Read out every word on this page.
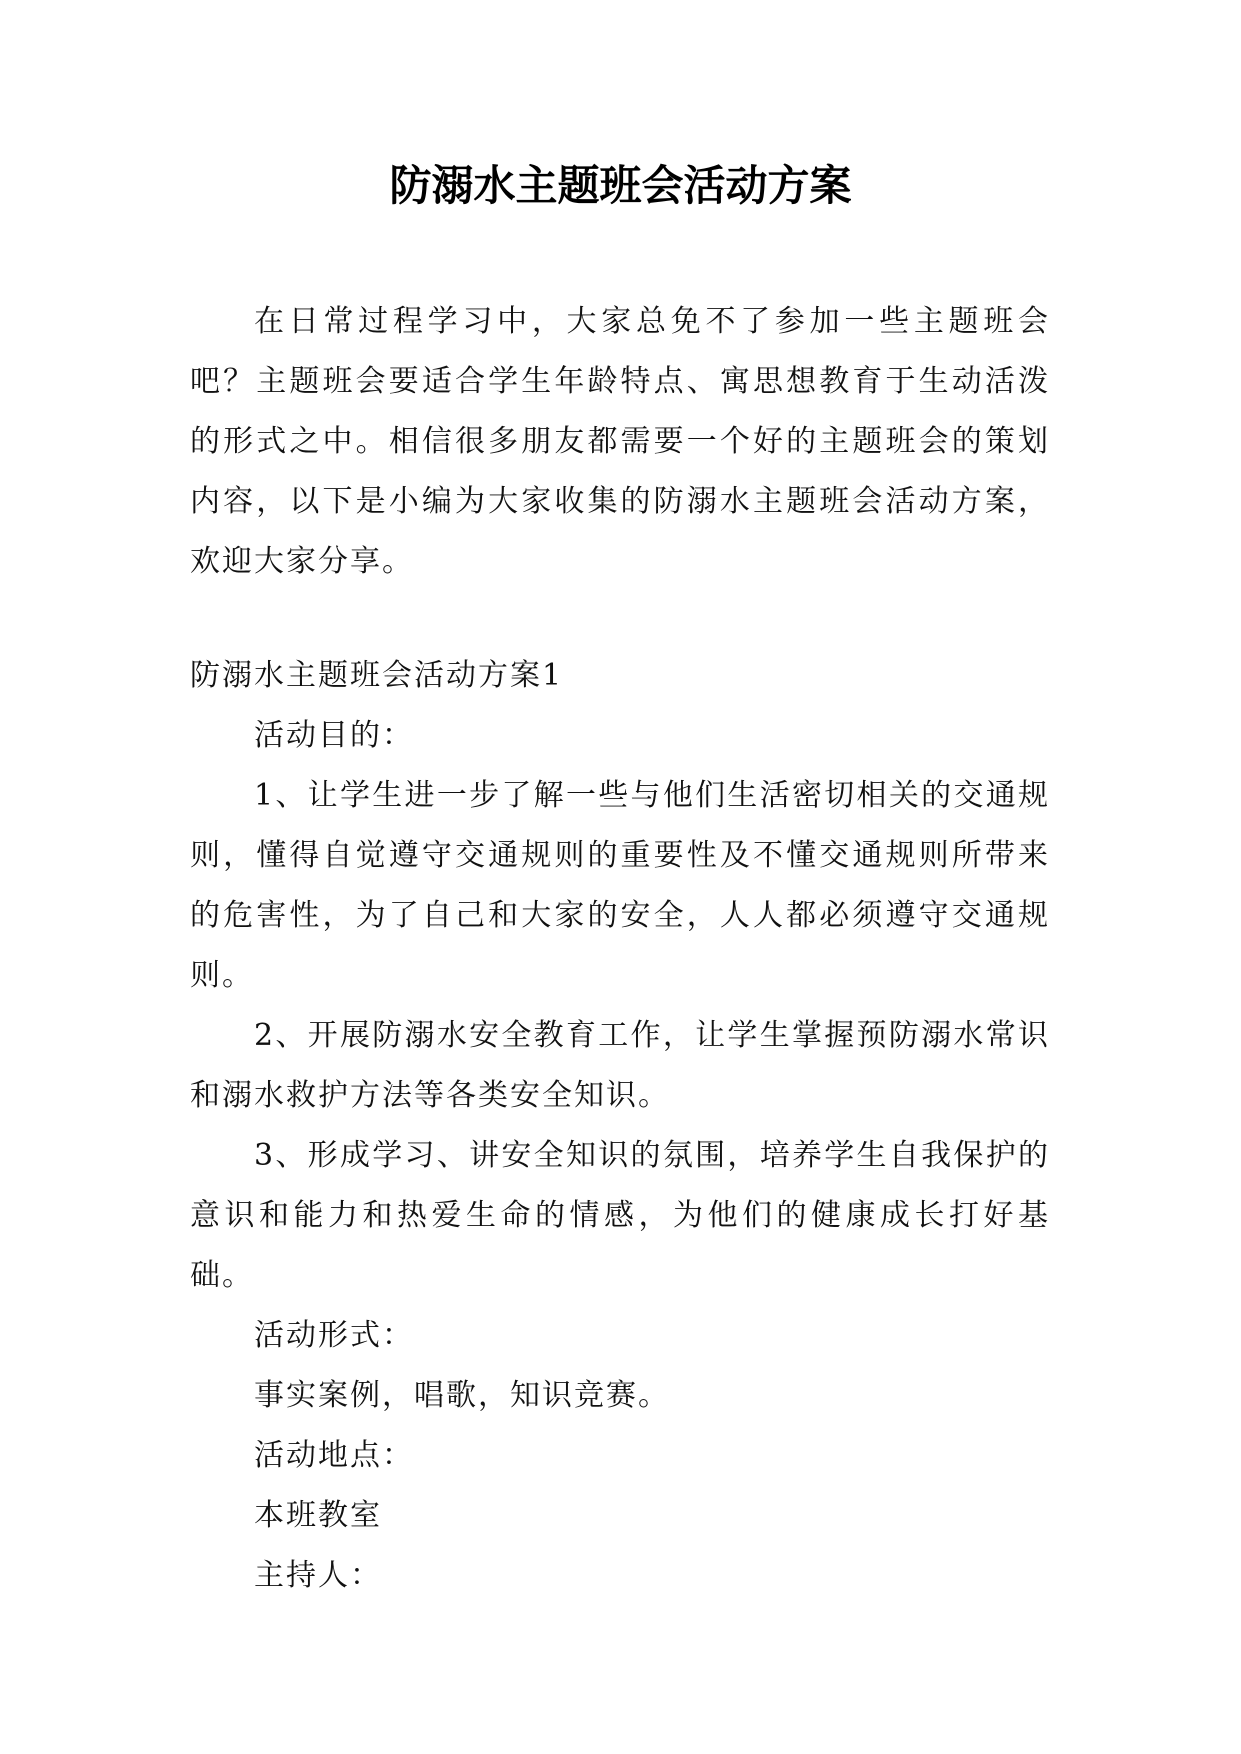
防溺水主题班会活动方案

在日常过程学习中，大家总免不了参加一些主题班会吧？主题班会要适合学生年龄特点、寓思想教育于生动活泼的形式之中。相信很多朋友都需要一个好的主题班会的策划内容，以下是小编为大家收集的防溺水主题班会活动方案，欢迎大家分享。

防溺水主题班会活动方案1

活动目的：

1、让学生进一步了解一些与他们生活密切相关的交通规则，懂得自觉遵守交通规则的重要性及不懂交通规则所带来的危害性，为了自己和大家的安全，人人都必须遵守交通规则。

2、开展防溺水安全教育工作，让学生掌握预防溺水常识和溺水救护方法等各类安全知识。

3、形成学习、讲安全知识的氛围，培养学生自我保护的意识和能力和热爱生命的情感，为他们的健康成长打好基础。

活动形式：

事实案例，唱歌，知识竞赛。

活动地点：

本班教室

主持人：
